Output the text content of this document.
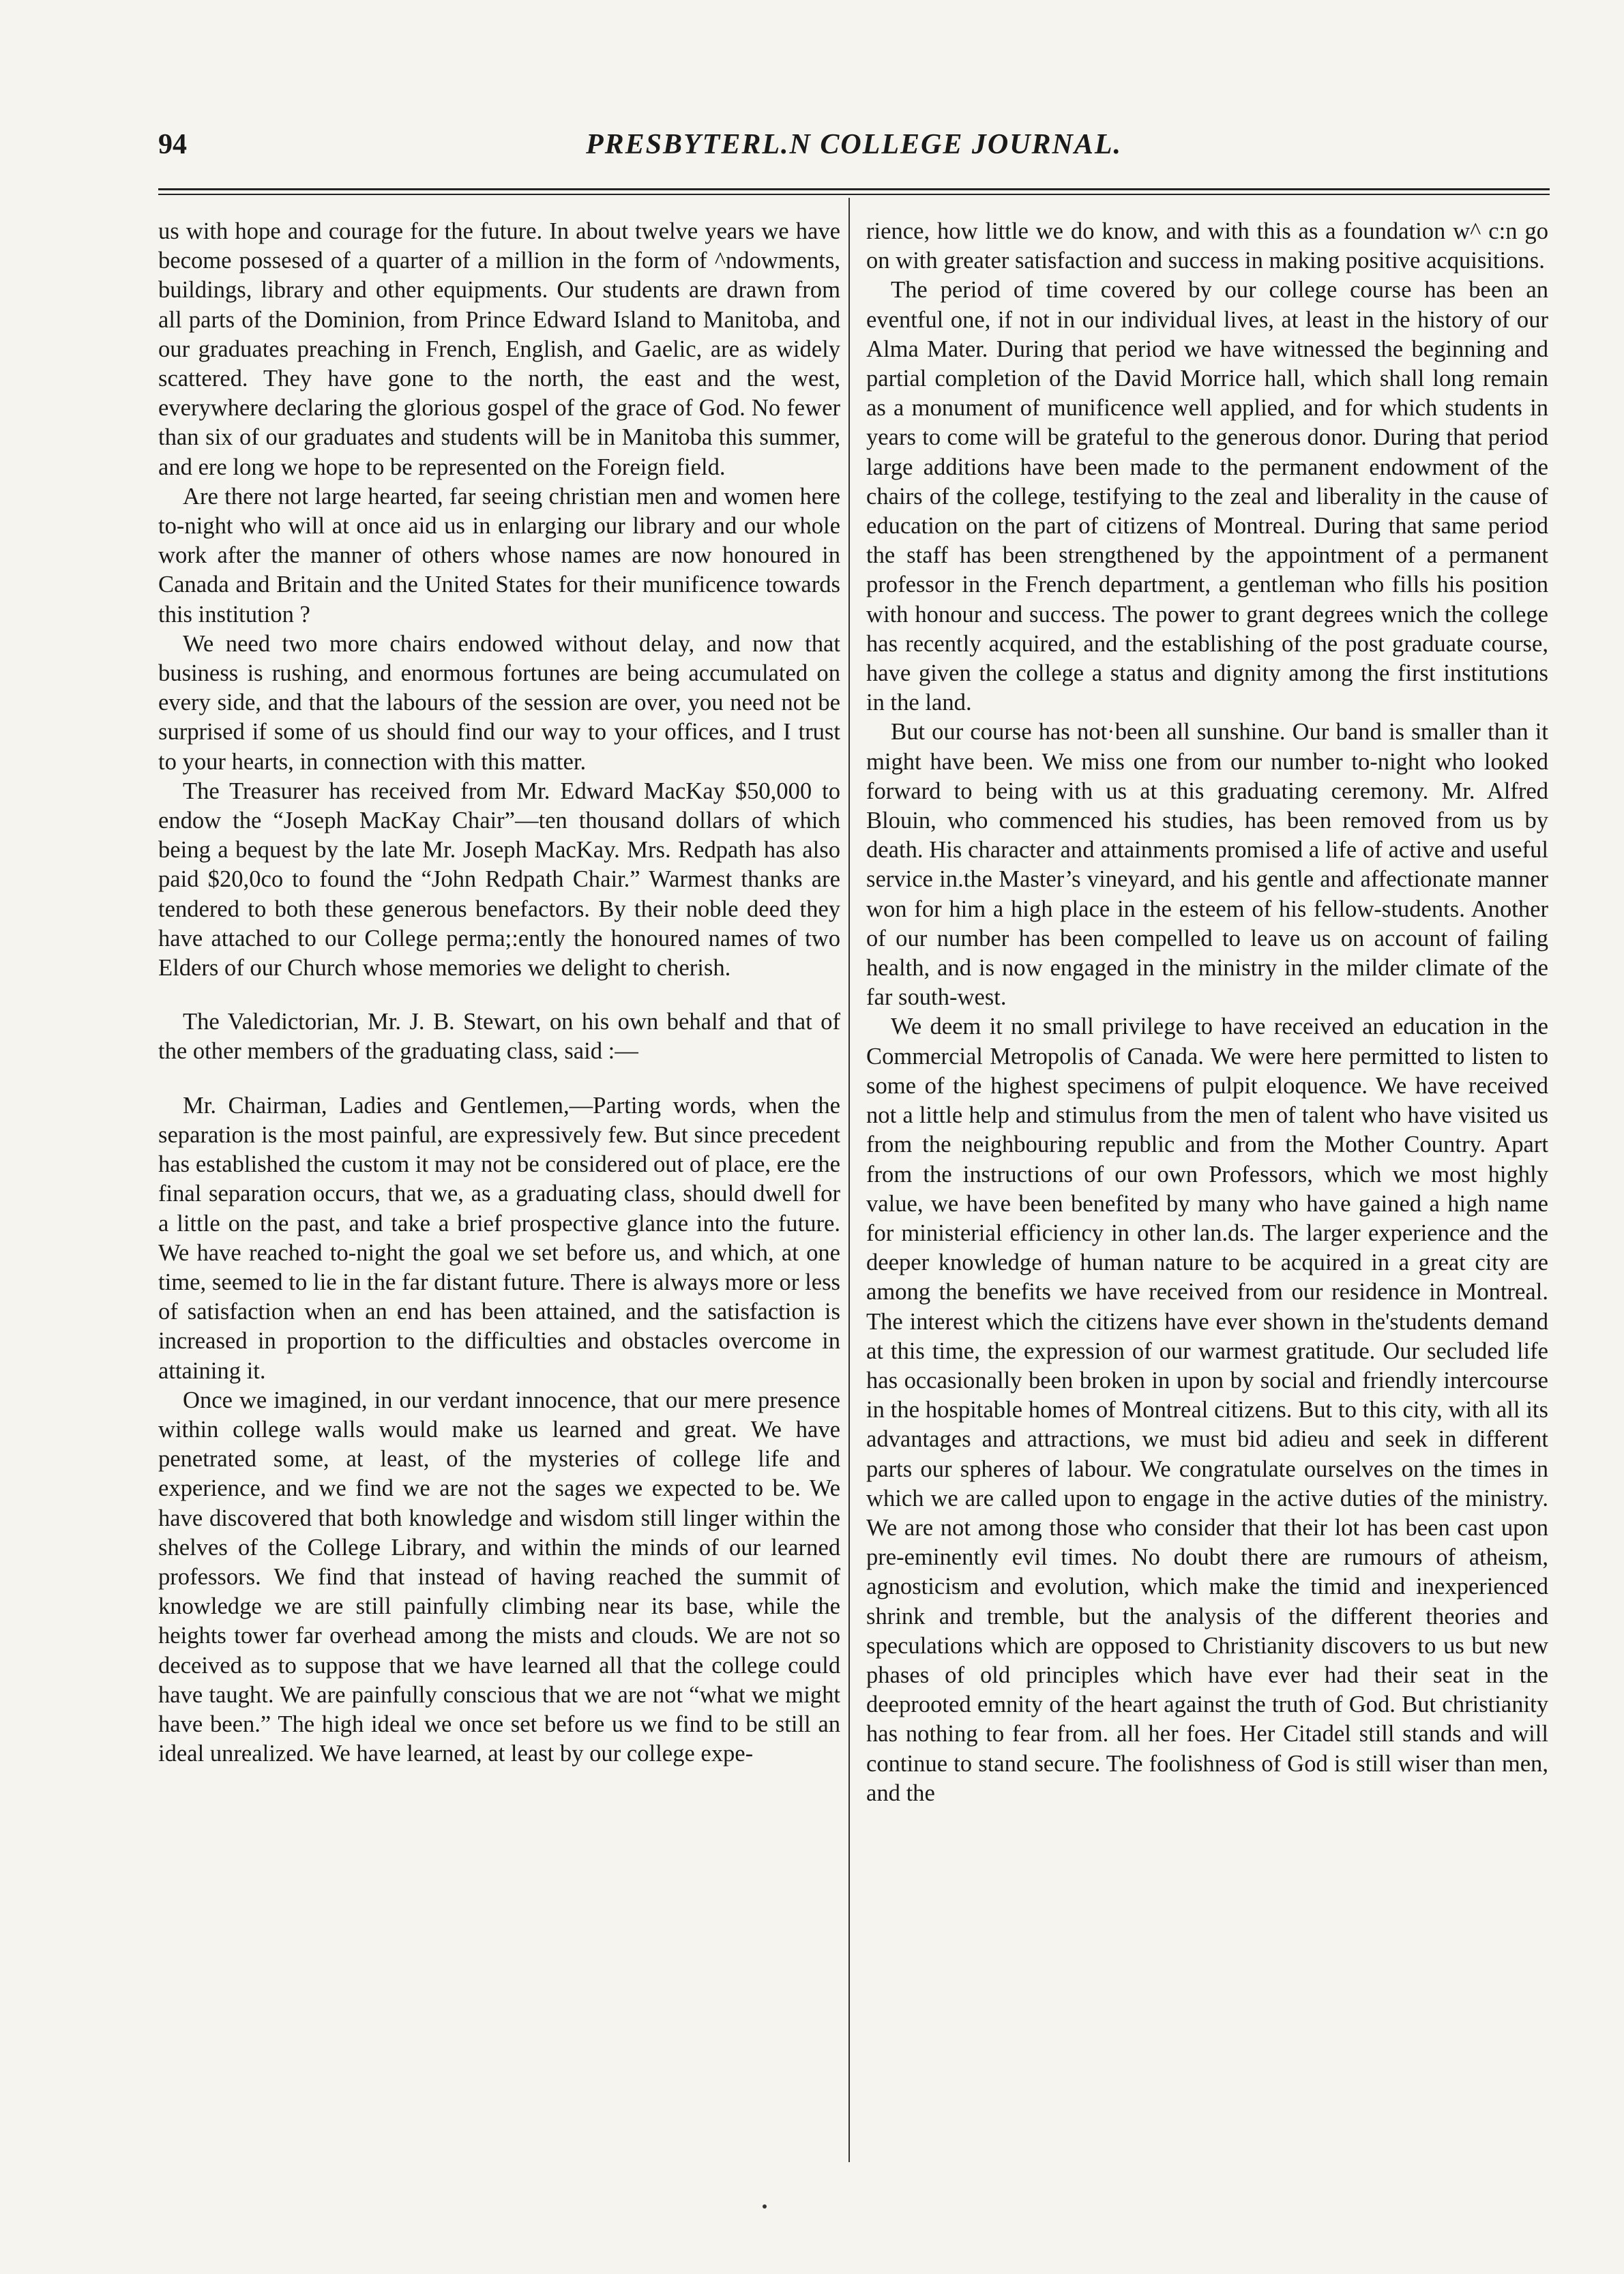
94	PRESBYTERL.N COLLEGE JOURNAL.

us with hope and courage for the future. In about twelve years we have become possesed of a quarter of a million in the form of ^ndowments, buildings, library and other equipments. Our students are drawn from all parts of the Dominion, from Prince Edward Island to Manitoba, and our graduates preaching in French, English, and Gaelic, are as widely scattered. They have gone to the north, the east and the west, everywhere declaring the glorious gospel of the grace of God. No fewer than six of our graduates and students will be in Manitoba this summer, and ere long we hope to be represented on the Foreign field.

Are there not large hearted, far seeing christian men and women here to-night who will at once aid us in enlarging our library and our whole work after the manner of others whose names are now honoured in Canada and Britain and the United States for their munificence towards this institution ?

We need two more chairs endowed without delay, and now that business is rushing, and enormous fortunes are being accumulated on every side, and that the labours of the session are over, you need not be surprised if some of us should find our way to your offices, and I trust to your hearts, in connection with this matter.

The Treasurer has received from Mr. Edward MacKay $50,000 to endow the “Joseph MacKay Chair”—ten thousand dollars of which being a bequest by the late Mr. Joseph MacKay. Mrs. Redpath has also paid $20,0co to found the “John Redpath Chair.” Warmest thanks are tendered to both these generous benefactors. By their noble deed they have attached to our College perma;:ently the honoured names of two Elders of our Church whose memories we delight to cherish.

The Valedictorian, Mr. J. B. Stewart, on his own behalf and that of the other members of the graduating class, said :—

Mr. Chairman, Ladies and Gentlemen,—Parting words, when the separation is the most painful, are expressively few. But since precedent has established the custom it may not be considered out of place, ere the final separation occurs, that we, as a graduating class, should dwell for a little on the past, and take a brief prospective glance into the future. We have reached to-night the goal we set before us, and which, at one time, seemed to lie in the far distant future. There is always more or less of satisfaction when an end has been attained, and the satisfaction is increased in proportion to the difficulties and obstacles overcome in attaining it.

Once we imagined, in our verdant innocence, that our mere presence within college walls would make us learned and great. We have penetrated some, at least, of the mysteries of college life and experience, and we find we are not the sages we expected to be. We have discovered that both knowledge and wisdom still linger within the shelves of the College Library, and within the minds of our learned professors. We find that instead of having reached the summit of knowledge we are still painfully climbing near its base, while the heights tower far overhead among the mists and clouds. We are not so deceived as to suppose that we have learned all that the college could have taught. We are painfully conscious that we are not “what we might have been.” The high ideal we once set before us we find to be still an ideal unrealized. We have learned, at least by our college expe-

rience, how little we do know, and with this as a foundation w^ c:n go on with greater satisfaction and success in making positive acquisitions.

The period of time covered by our college course has been an eventful one, if not in our individual lives, at least in the history of our Alma Mater. During that period we have witnessed the beginning and partial completion of the David Morrice hall, which shall long remain as a monument of munificence well applied, and for which students in years to come will be grateful to the generous donor. During that period large additions have been made to the permanent endowment of the chairs of the college, testifying to the zeal and liberality in the cause of education on the part of citizens of Montreal. During that same period the staff has been strengthened by the appointment of a permanent professor in the French department, a gentleman who fills his position with honour and success. The power to grant degrees wnich the college has recently acquired, and the establishing of the post graduate course, have given the college a status and dignity among the first institutions in the land.

But our course has not·been all sunshine. Our band is smaller than it might have been. We miss one from our number to-night who looked forward to being with us at this graduating ceremony. Mr. Alfred Blouin, who commenced his studies, has been removed from us by death. His character and attainments promised a life of active and useful service in.the Master’s vineyard, and his gentle and affectionate manner won for him a high place in the esteem of his fellow-students. Another of our number has been compelled to leave us on account of failing health, and is now engaged in the ministry in the milder climate of the far south-west.

We deem it no small privilege to have received an education in the Commercial Metropolis of Canada. We were here permitted to listen to some of the highest specimens of pulpit eloquence. We have received not a little help and stimulus from the men of talent who have visited us from the neighbouring republic and from the Mother Country. Apart from the instructions of our own Professors, which we most highly value, we have been benefited by many who have gained a high name for ministerial efficiency in other lan.ds. The larger experience and the deeper knowledge of human nature to be acquired in a great city are among the benefits we have received from our residence in Montreal. The interest which the citizens have ever shown in the'students demand at this time, the expression of our warmest gratitude. Our secluded life has occasionally been broken in upon by social and friendly intercourse in the hospitable homes of Montreal citizens. But to this city, with all its advantages and attractions, we must bid adieu and seek in different parts our spheres of labour. We congratulate ourselves on the times in which we are called upon to engage in the active duties of the ministry. We are not among those who consider that their lot has been cast upon pre-eminently evil times. No doubt there are rumours of atheism, agnosticism and evolution, which make the timid and inexperienced shrink and tremble, but the analysis of the different theories and speculations which are opposed to Christianity discovers to us but new phases of old principles which have ever had their seat in the deeprooted emnity of the heart against the truth of God. But christianity has nothing to fear from. all her foes. Her Citadel still stands and will continue to stand secure. The foolishness of God is still wiser than men, and the
